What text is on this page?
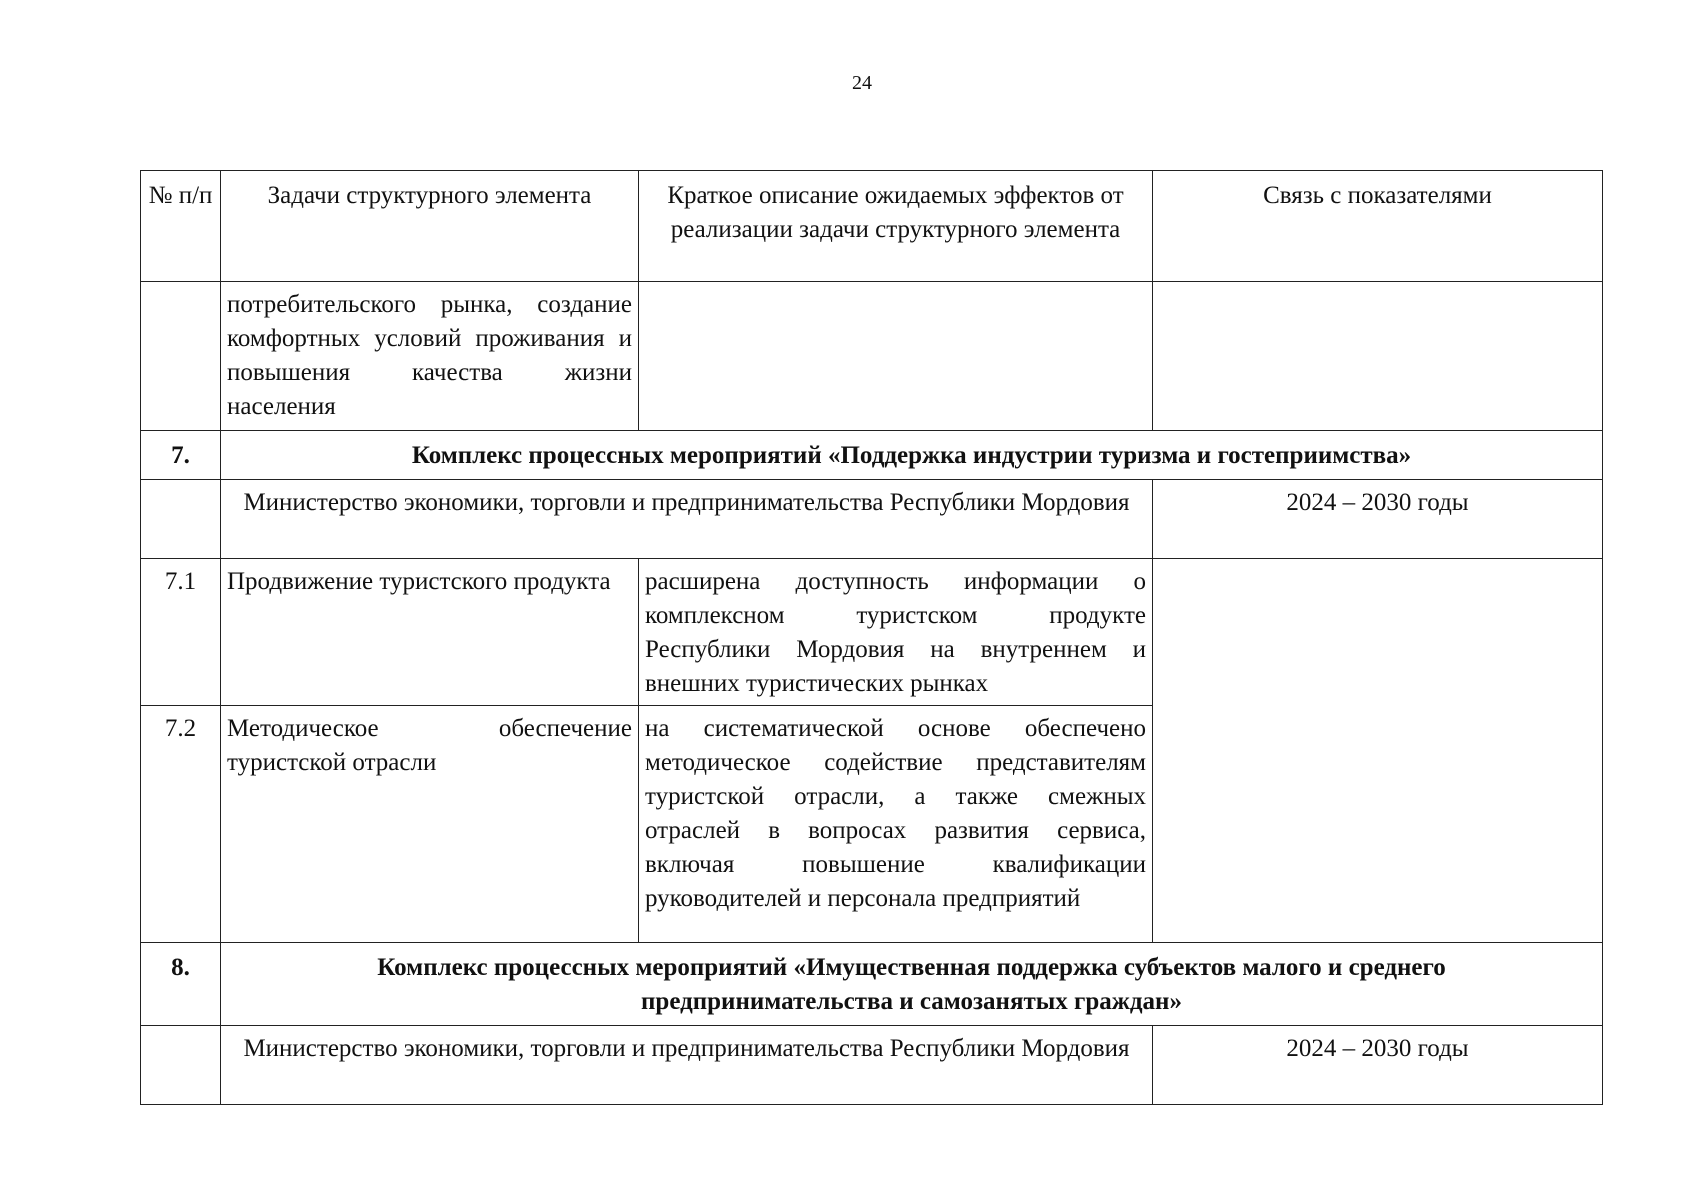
24
№ п/п	Задачи структурного элемента	Краткое описание ожидаемых эффектов от реализации задачи структурного элемента	Связь с показателями
	потребительского рынка, создание комфортных условий проживания и повышения качества жизни населения		
7.	Комплекс процессных мероприятий «Поддержка индустрии туризма и гостеприимства»		
	Министерство экономики, торговли и предпринимательства Республики Мордовия		2024 – 2030 годы
7.1	Продвижение туристского продукта	расширена доступность информации о комплексном туристском продукте Республики Мордовия на внутреннем и внешних туристических рынках	
7.2	Методическое обеспечение туристской отрасли	на систематической основе обеспечено методическое содействие представителям туристской отрасли, а также смежных отраслей в вопросах развития сервиса, включая повышение квалификации руководителей и персонала предприятий	
8.	Комплекс процессных мероприятий «Имущественная поддержка субъектов малого и среднего
предпринимательства и самозанятых граждан»		

	Министерство экономики, торговли и предпринимательства Республики Мордовия		2024 – 2030 годы
